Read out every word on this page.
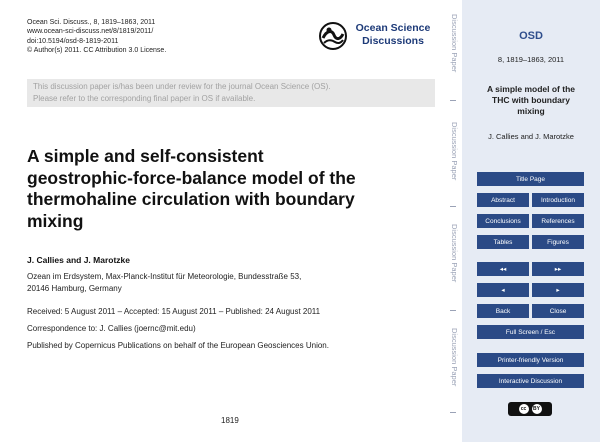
Ocean Sci. Discuss., 8, 1819–1863, 2011
www.ocean-sci-discuss.net/8/1819/2011/
doi:10.5194/osd-8-1819-2011
© Author(s) 2011. CC Attribution 3.0 License.
Ocean Science
Discussions
This discussion paper is/has been under review for the journal Ocean Science (OS).
Please refer to the corresponding final paper in OS if available.
A simple and self-consistent
geostrophic-force-balance model of the
thermohaline circulation with boundary
mixing
J. Callies and J. Marotzke
Ozean im Erdsystem, Max-Planck-Institut für Meteorologie, Bundesstraße 53,
20146 Hamburg, Germany
Received: 5 August 2011 – Accepted: 15 August 2011 – Published: 24 August 2011
Correspondence to: J. Callies (joernc@mit.edu)
Published by Copernicus Publications on behalf of the European Geosciences Union.
1819
Discussion Paper
Discussion Paper
Discussion Paper
Discussion Paper
OSD
8, 1819–1863, 2011
A simple model of the
THC with boundary
mixing
J. Callies and J. Marotzke
Title Page
Abstract	Introduction
Conclusions	References
Tables	Figures
◂◂	▸▸
◂	▸
Back	Close
Full Screen / Esc
Printer-friendly Version
Interactive Discussion
cc	BY
